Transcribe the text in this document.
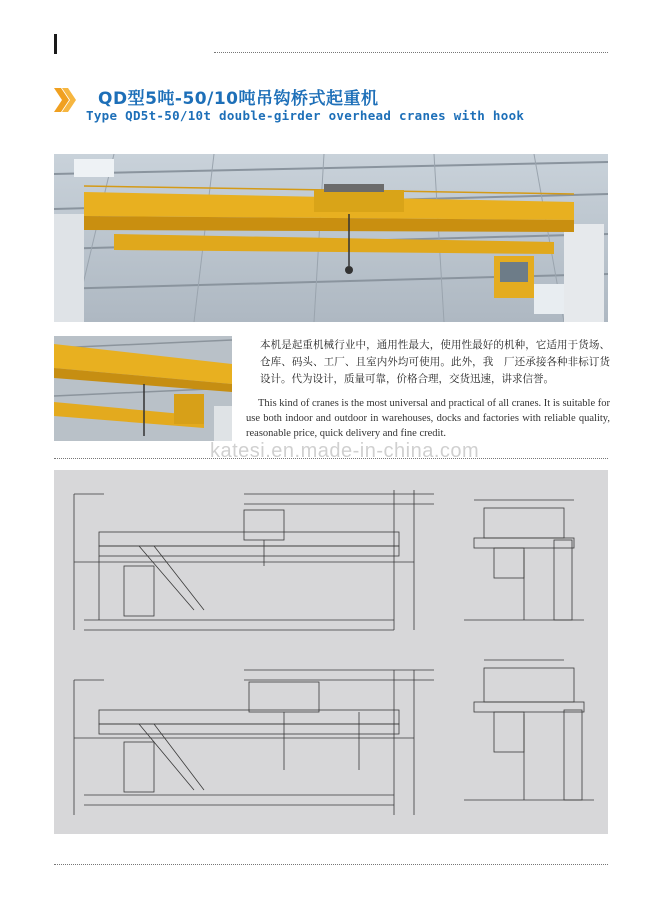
QD型5吨-50/10吨吊钩桥式起重机
Type QD5t-50/10t double-girder overhead cranes with hook
本机是起重机械行业中，通用性最大，使用性最好的机种，它适用于货场、仓库、码头、工厂、且室内外均可使用。此外，我　厂还承接各种非标订货设计。代为设计，质量可靠，价格合理，交货迅速，讲求信誉。
This kind of cranes is the most universal and practical of all cranes. It is suitable for use both indoor and outdoor in warehouses, docks and factories with reliable quality, reasonable price, quick delivery and fine credit.
katesi.en.made-in-china.com
